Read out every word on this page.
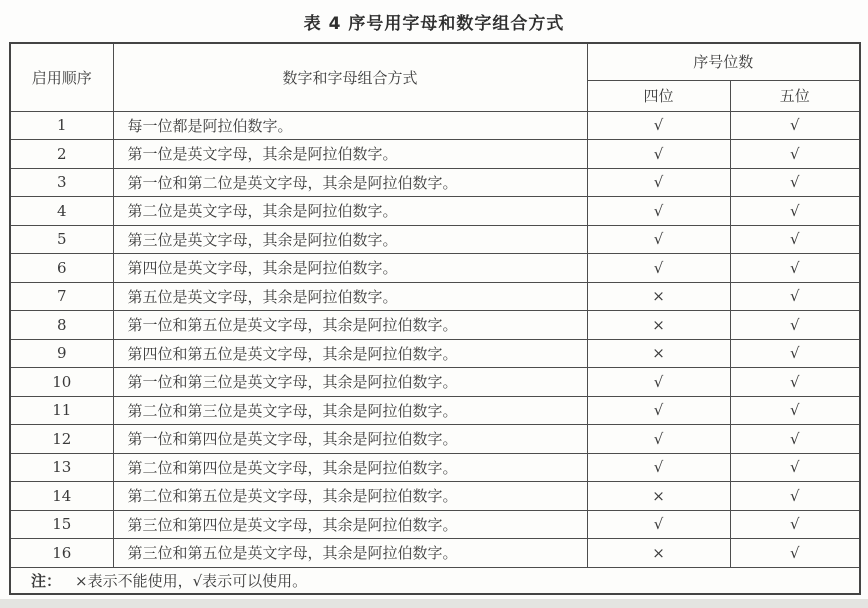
表 4 序号用字母和数字组合方式
启用顺序	数字和字母组合方式	序号位数	
		四位	五位
1	每一位都是阿拉伯数字。	√	√
2	第一位是英文字母，其余是阿拉伯数字。	√	√
3	第一位和第二位是英文字母，其余是阿拉伯数字。	√	√
4	第二位是英文字母，其余是阿拉伯数字。	√	√
5	第三位是英文字母，其余是阿拉伯数字。	√	√
6	第四位是英文字母，其余是阿拉伯数字。	√	√
7	第五位是英文字母，其余是阿拉伯数字。	×	√
8	第一位和第五位是英文字母，其余是阿拉伯数字。	×	√
9	第四位和第五位是英文字母，其余是阿拉伯数字。	×	√
10	第一位和第三位是英文字母，其余是阿拉伯数字。	√	√
11	第二位和第三位是英文字母，其余是阿拉伯数字。	√	√
12	第一位和第四位是英文字母，其余是阿拉伯数字。	√	√
13	第二位和第四位是英文字母，其余是阿拉伯数字。	√	√
14	第二位和第五位是英文字母，其余是阿拉伯数字。	×	√
15	第三位和第四位是英文字母，其余是阿拉伯数字。	√	√
16	第三位和第五位是英文字母，其余是阿拉伯数字。	×	√
注： ×表示不能使用，√表示可以使用。			
